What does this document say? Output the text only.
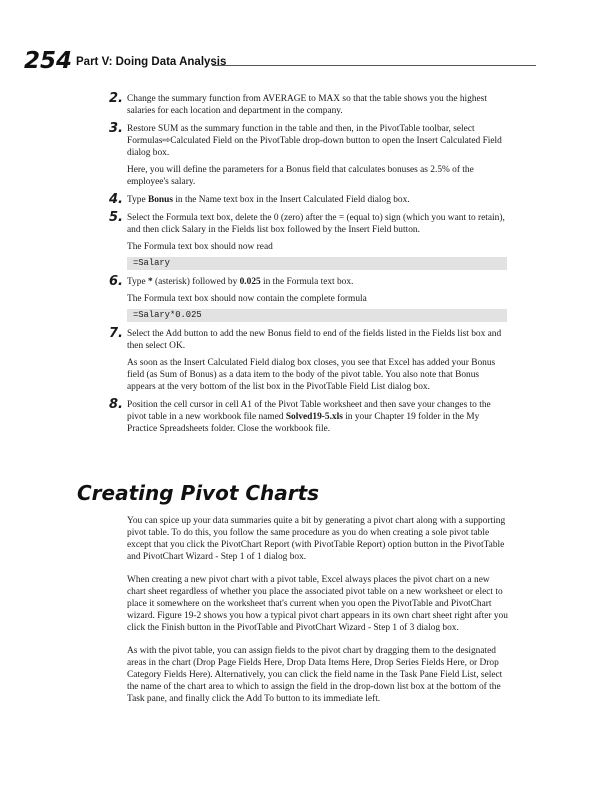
254 Part V: Doing Data Analysis
2. Change the summary function from AVERAGE to MAX so that the table shows you the highest salaries for each location and department in the company.

3. Restore SUM as the summary function in the table and then, in the PivotTable toolbar, select Formulas⇨Calculated Field on the PivotTable drop-down button to open the Insert Calculated Field dialog box.

Here, you will define the parameters for a Bonus field that calculates bonuses as 2.5% of the employee's salary.

4. Type Bonus in the Name text box in the Insert Calculated Field dialog box.

5. Select the Formula text box, delete the 0 (zero) after the = (equal to) sign (which you want to retain), and then click Salary in the Fields list box followed by the Insert Field button.

The Formula text box should now read

=Salary
6. Type * (asterisk) followed by 0.025 in the Formula text box.

The Formula text box should now contain the complete formula

=Salary*0.025
7. Select the Add button to add the new Bonus field to end of the fields listed in the Fields list box and then select OK.

As soon as the Insert Calculated Field dialog box closes, you see that Excel has added your Bonus field (as Sum of Bonus) as a data item to the body of the pivot table. You also note that Bonus appears at the very bottom of the list box in the PivotTable Field List dialog box.

8. Position the cell cursor in cell A1 of the Pivot Table worksheet and then save your changes to the pivot table in a new workbook file named Solved19-5.xls in your Chapter 19 folder in the My Practice Spreadsheets folder. Close the workbook file.

Creating Pivot Charts

You can spice up your data summaries quite a bit by generating a pivot chart along with a supporting pivot table. To do this, you follow the same procedure as you do when creating a sole pivot table except that you click the PivotChart Report (with PivotTable Report) option button in the PivotTable and PivotChart Wizard - Step 1 of 1 dialog box.

When creating a new pivot chart with a pivot table, Excel always places the pivot chart on a new chart sheet regardless of whether you place the associated pivot table on a new worksheet or elect to place it somewhere on the worksheet that's current when you open the PivotTable and PivotChart wizard. Figure 19-2 shows you how a typical pivot chart appears in its own chart sheet right after you click the Finish button in the PivotTable and PivotChart Wizard - Step 1 of 3 dialog box.

As with the pivot table, you can assign fields to the pivot chart by dragging them to the designated areas in the chart (Drop Page Fields Here, Drop Data Items Here, Drop Series Fields Here, or Drop Category Fields Here). Alternatively, you can click the field name in the Task Pane Field List, select the name of the chart area to which to assign the field in the drop-down list box at the bottom of the Task pane, and finally click the Add To button to its immediate left.
